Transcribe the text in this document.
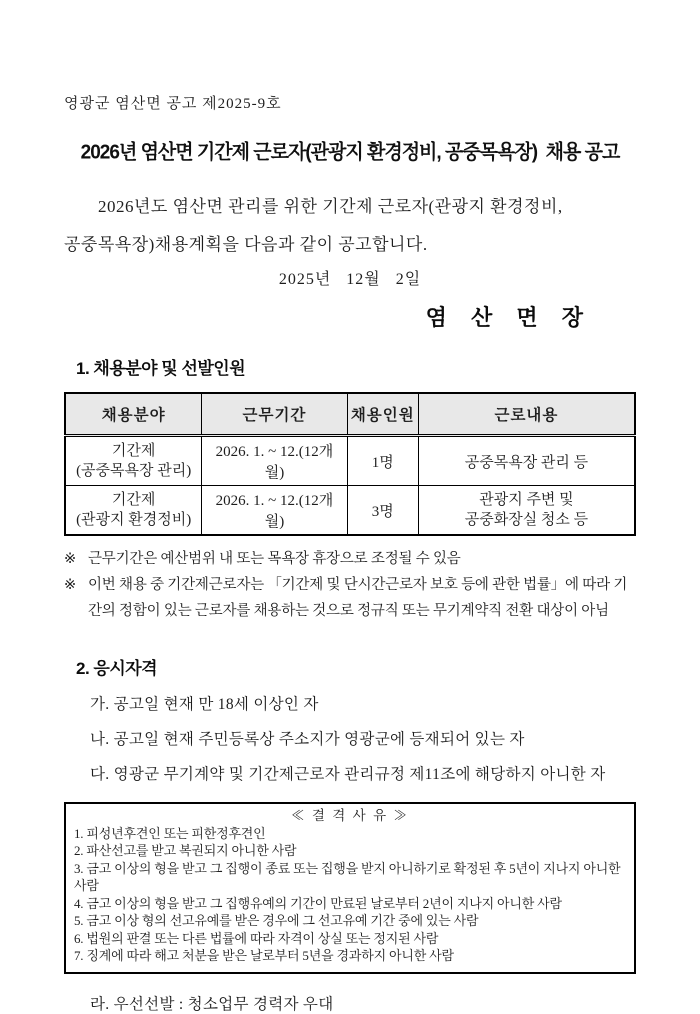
영광군 염산면 공고 제2025-9호
2026년 염산면 기간제 근로자(관광지 환경정비, 공중목욕장)  채용 공고
2026년도 염산면 관리를 위한 기간제 근로자(관광지 환경정비,
공중목욕장)채용계획을 다음과 같이 공고합니다.
2025년   12월   2일
염 산 면 장
1. 채용분야 및 선발인원
채용분야	근무기간	채용인원	근로내용

기간제
(공중목욕장 관리)	2026. 1. ~ 12.(12개월)	1명	공중목욕장 관리 등

기간제
(관광지 환경정비)	2026. 1. ~ 12.(12개월)	3명	관광지 주변 및
공중화장실 청소 등
※ 근무기간은 예산범위 내 또는 목욕장 휴장으로 조정될 수 있음
※ 이번 채용 중 기간제근로자는 「기간제 및 단시간근로자 보호 등에 관한 법률」에 따라 기간의 정함이 있는 근로자를 채용하는 것으로 정규직 또는 무기계약직 전환 대상이 아님
2. 응시자격
가. 공고일 현재 만 18세 이상인 자
나. 공고일 현재 주민등록상 주소지가 영광군에 등재되어 있는 자
다. 영광군 무기계약 및 기간제근로자 관리규정 제11조에 해당하지 아니한 자
≪ 결 격 사 유 ≫
1. 피성년후견인 또는 피한정후견인
2. 파산선고를 받고 복권되지 아니한 사람
3. 금고 이상의 형을 받고 그 집행이 종료 또는 집행을 받지 아니하기로 확정된 후 5년이 지나지 아니한 사람
4. 금고 이상의 형을 받고 그 집행유예의 기간이 만료된 날로부터 2년이 지나지 아니한 사람
5. 금고 이상 형의 선고유예를 받은 경우에 그 선고유예 기간 중에 있는 사람
6. 법원의 판결 또는 다른 법률에 따라 자격이 상실 또는 정지된 사람
7. 징계에 따라 해고 처분을 받은 날로부터 5년을 경과하지 아니한 사람
라. 우선선발 : 청소업무 경력자 우대
